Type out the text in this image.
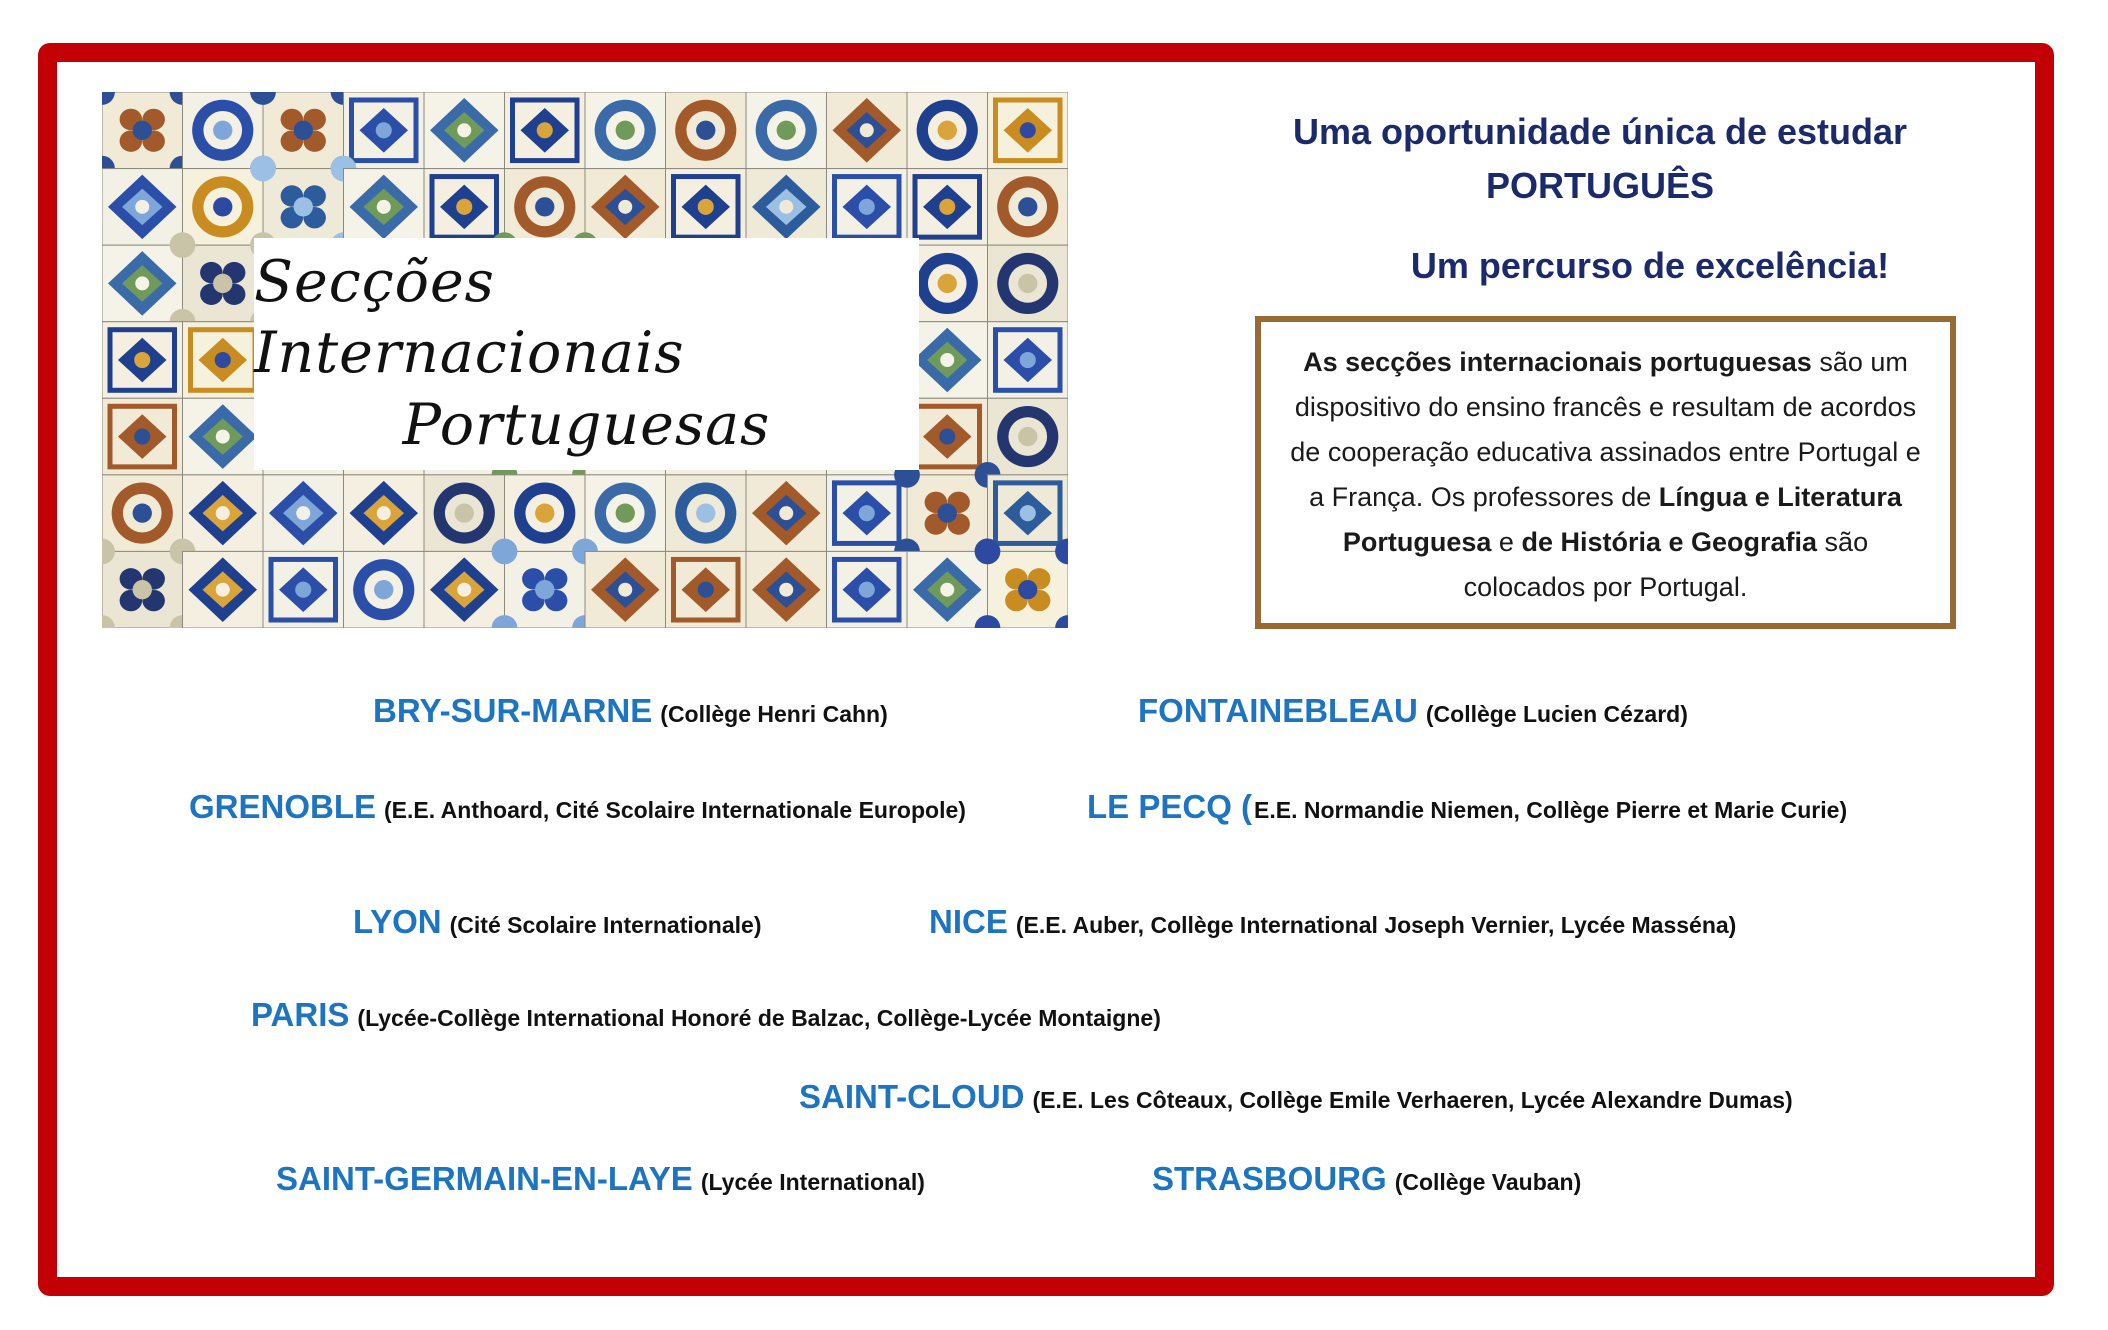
Secções Internacionais
Portuguesas
Uma oportunidade única de estudar
PORTUGUÊS
Um percurso de excelência!
As secções internacionais portuguesas são um dispositivo do ensino francês e resultam de acordos de cooperação educativa assinados entre Portugal e a França. Os professores de Língua e Literatura Portuguesa e de História e Geografia são colocados por Portugal.
BRY-SUR-MARNE (Collège Henri Cahn)	FONTAINEBLEAU (Collège Lucien Cézard)
GRENOBLE (E.E. Anthoard, Cité Scolaire Internationale Europole)	LE PECQ ( E.E. Normandie Niemen, Collège Pierre et Marie Curie)
LYON (Cité Scolaire Internationale)	NICE (E.E. Auber, Collège International Joseph Vernier, Lycée Masséna)
PARIS (Lycée-Collège International Honoré de Balzac, Collège-Lycée Montaigne)
SAINT-CLOUD (E.E. Les Côteaux, Collège Emile Verhaeren, Lycée Alexandre Dumas)
SAINT-GERMAIN-EN-LAYE (Lycée International)	STRASBOURG (Collège Vauban)
